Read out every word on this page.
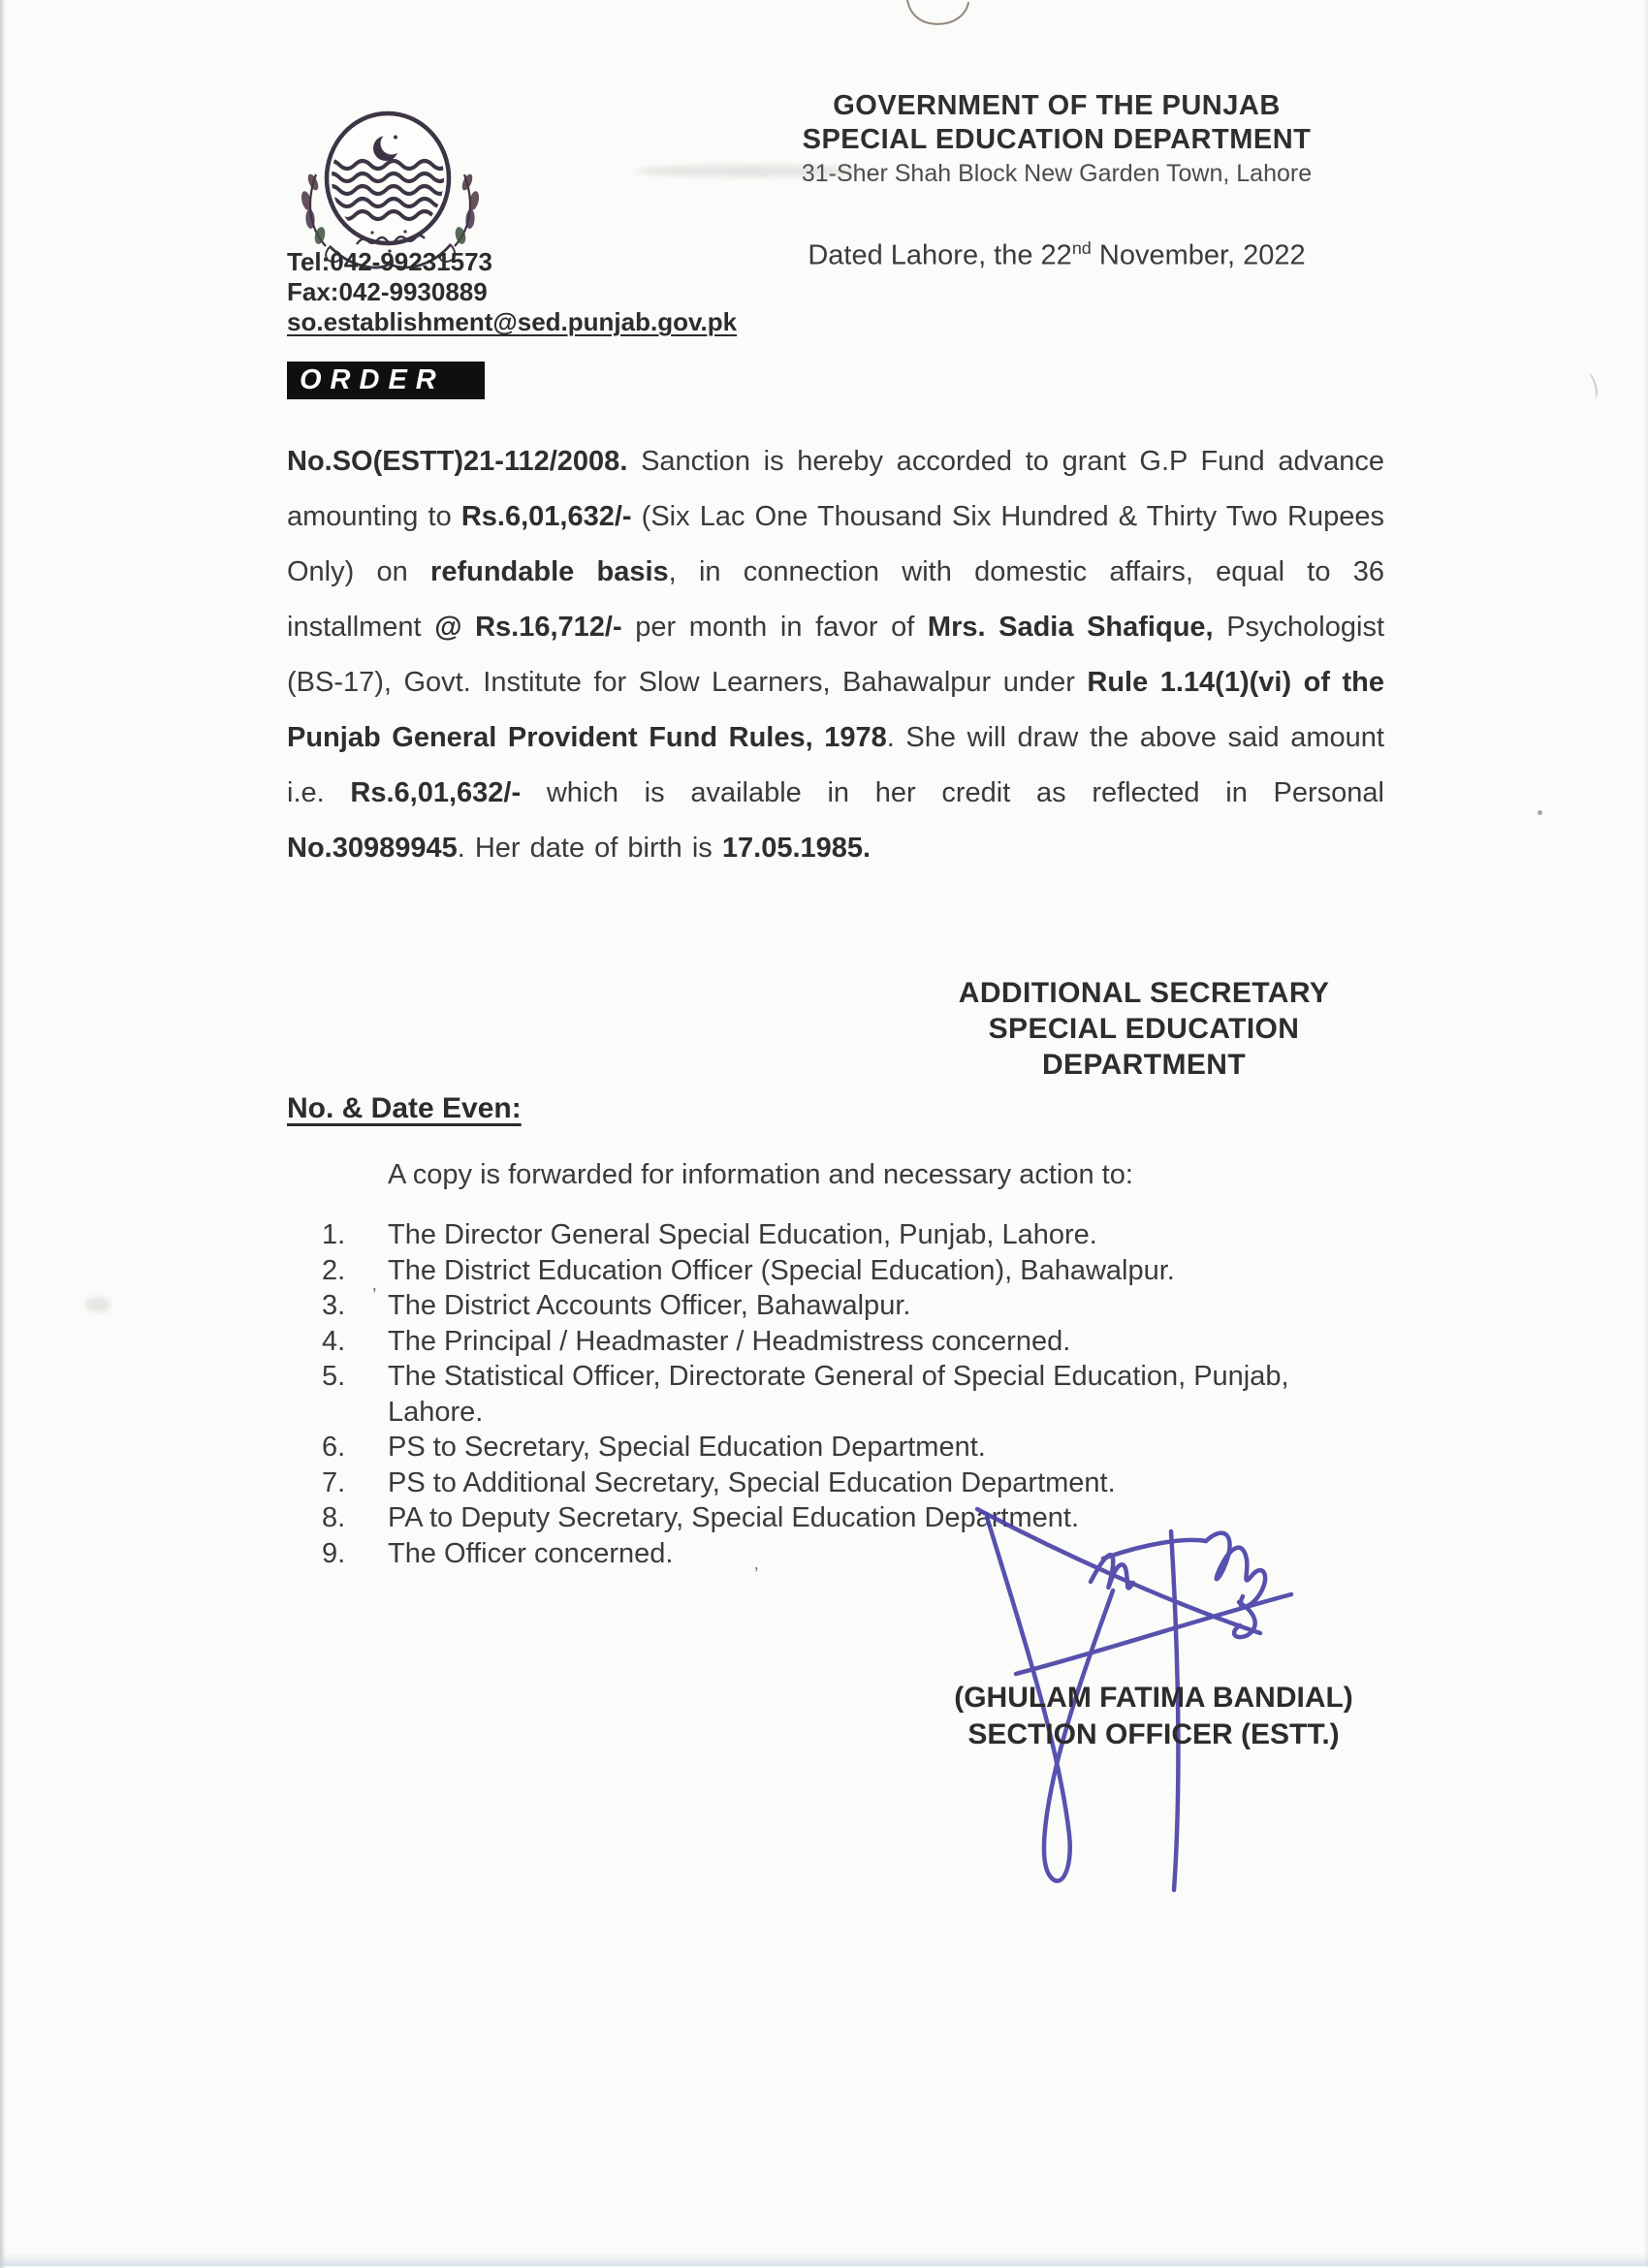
GOVERNMENT OF THE PUNJAB
SPECIAL EDUCATION DEPARTMENT
31-Sher Shah Block New Garden Town, Lahore
Dated Lahore, the 22nd November, 2022
Tel:042-99231573
Fax:042-9930889
so.establishment@sed.punjab.gov.pk
ORDER
No.SO(ESTT)21-112/2008. Sanction is hereby accorded to grant G.P Fund advance amounting to Rs.6,01,632/- (Six Lac One Thousand Six Hundred & Thirty Two Rupees Only) on refundable basis, in connection with domestic affairs, equal to 36 installment @ Rs.16,712/- per month in favor of Mrs. Sadia Shafique, Psychologist (BS-17), Govt. Institute for Slow Learners, Bahawalpur under Rule 1.14(1)(vi) of the Punjab General Provident Fund Rules, 1978. She will draw the above said amount i.e. Rs.6,01,632/- which is available in her credit as reflected in Personal No.30989945. Her date of birth is 17.05.1985.
ADDITIONAL SECRETARY
SPECIAL EDUCATION
DEPARTMENT
No. & Date Even:
A copy is forwarded for information and necessary action to:
1.	The Director General Special Education, Punjab, Lahore.
2.	The District Education Officer (Special Education), Bahawalpur.
3.	The District Accounts Officer, Bahawalpur.
4.	The Principal / Headmaster / Headmistress concerned.
5.	The Statistical Officer, Directorate General of Special Education, Punjab, Lahore.
6.	PS to Secretary, Special Education Department.
7.	PS to Additional Secretary, Special Education Department.
8.	PA to Deputy Secretary, Special Education Department.
9.	The Officer concerned.
’
’
(GHULAM FATIMA BANDIAL)
SECTION OFFICER (ESTT.)
